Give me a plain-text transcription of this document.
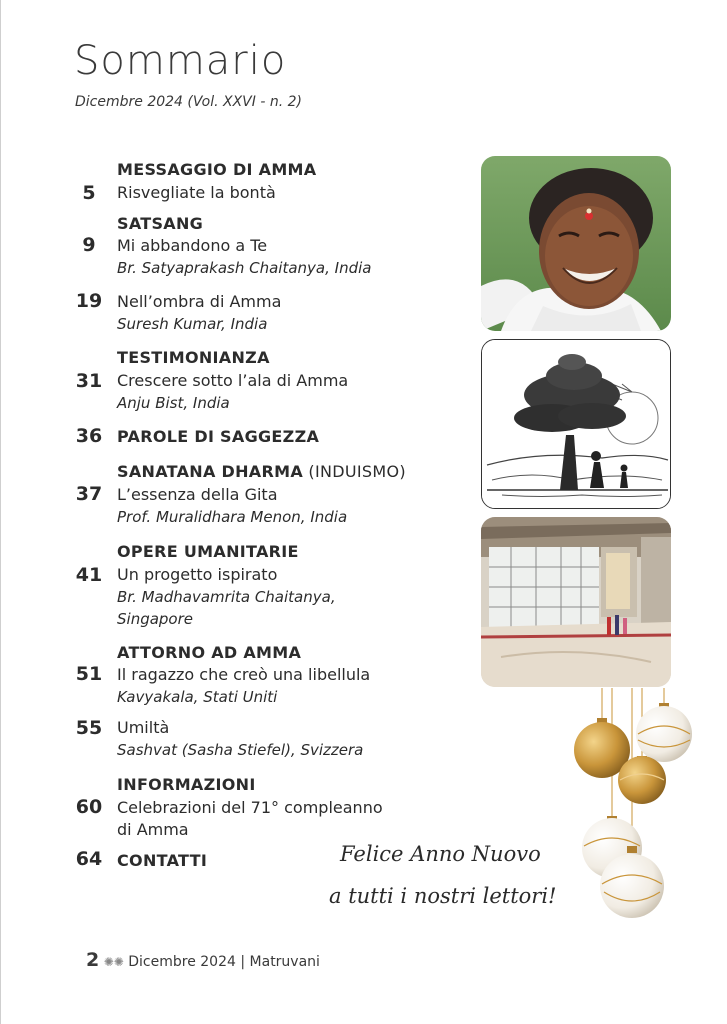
Sommario
Dicembre 2024 (Vol. XXVI - n. 2)
MESSAGGIO DI AMMA
5	Risvegliate la bontà
SATSANG
9	Mi abbandono a Te
Br. Satyaprakash Chaitanya, India
19 Nell’ombra di Amma
Suresh Kumar, India
TESTIMONIANZA
31 Crescere sotto l’ala di Amma
Anju Bist, India
36 PAROLE DI SAGGEZZA
SANATANA DHARMA (INDUISMO)
37 L’essenza della Gita
Prof. Muralidhara Menon, India
OPERE UMANITARIE
41 Un progetto ispirato
Br. Madhavamrita Chaitanya,
Singapore
ATTORNO AD AMMA
51 Il ragazzo che creò una libellula
Kavyakala, Stati Uniti
55 Umiltà
Sashvat (Sasha Stiefel), Svizzera
INFORMAZIONI
60 Celebrazioni del 71° compleanno
di Amma
64 CONTATTI	Felice Anno Nuovo
a tutti i nostri lettori!
2 ✺✺ Dicembre 2024 | Matruvani
